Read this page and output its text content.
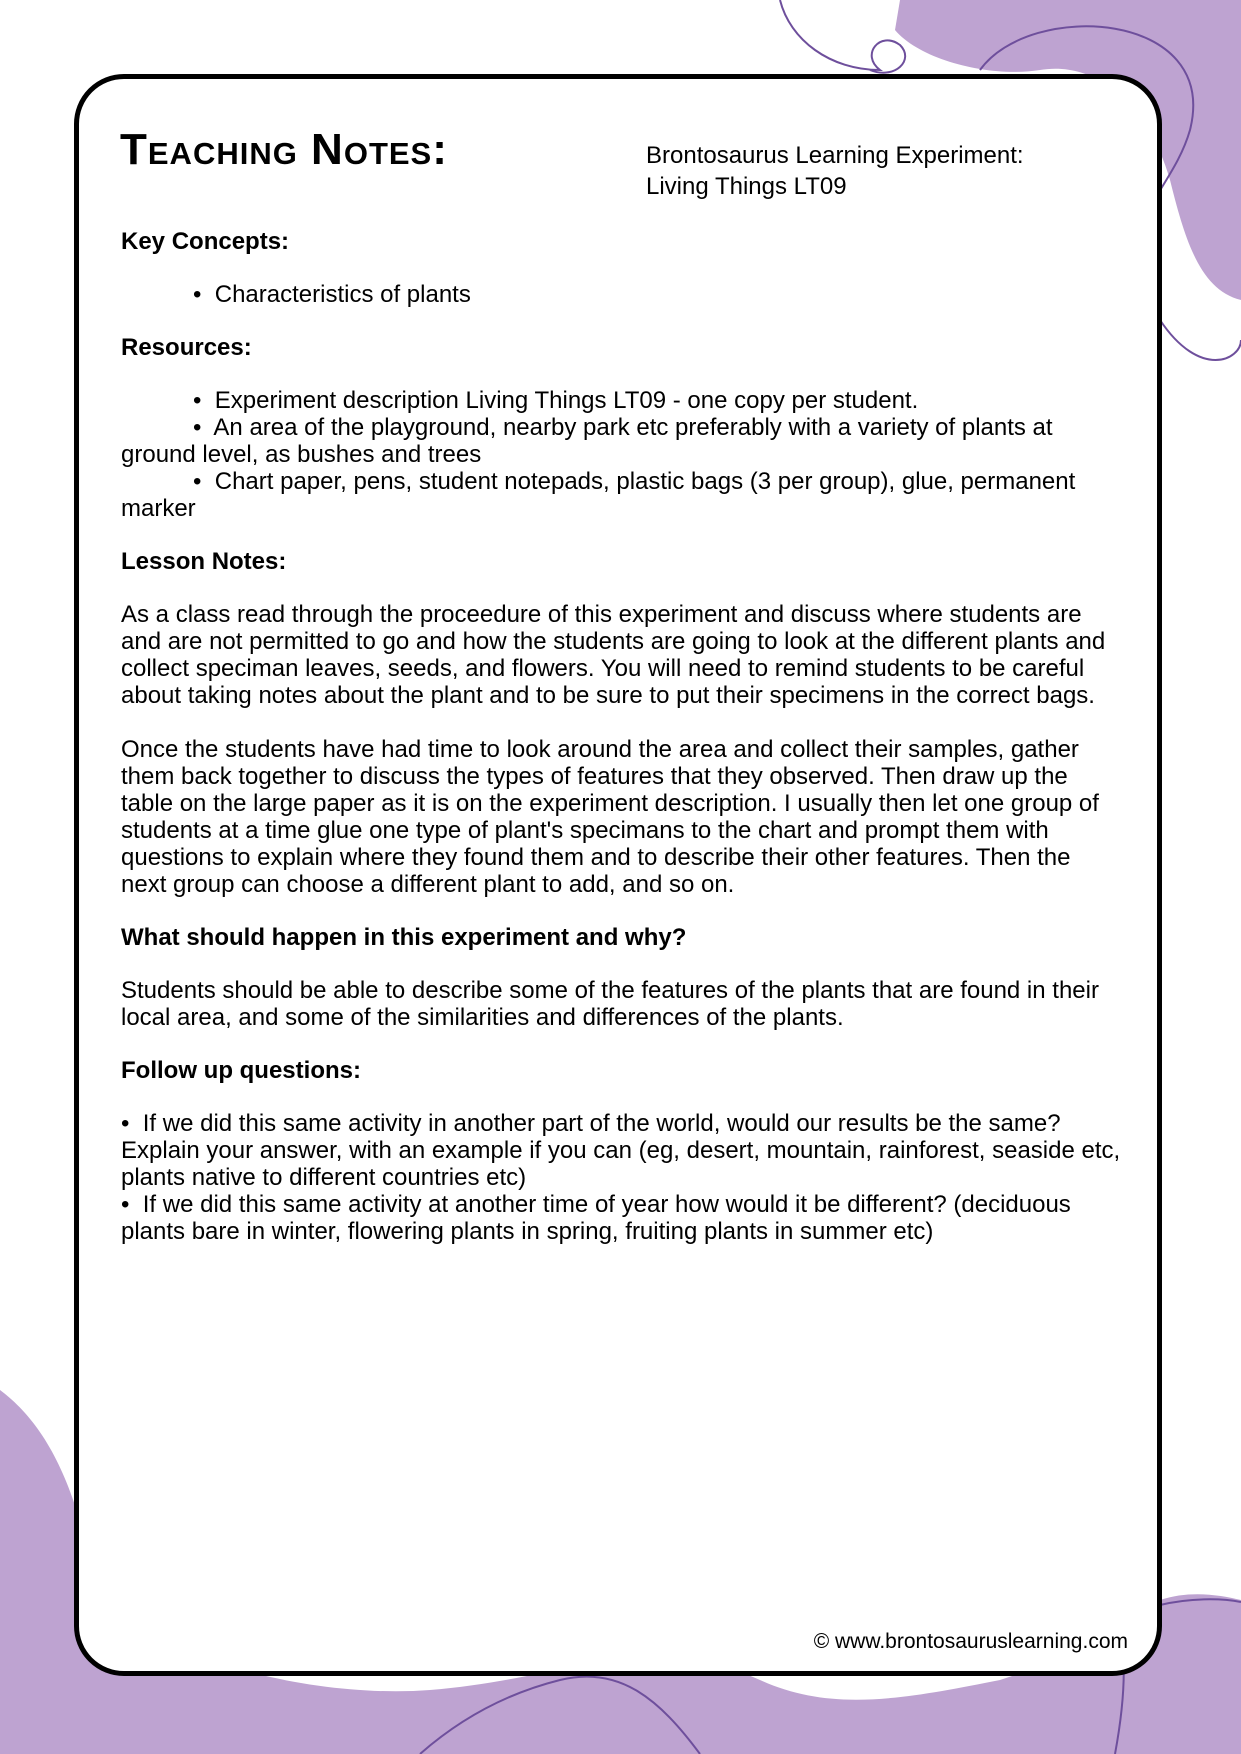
Teaching Notes:	Brontosaurus Learning Experiment:
Living Things LT09
Key Concepts:

•  Characteristics of plants

Resources:

•  Experiment description Living Things LT09 - one copy per student.

•  An area of the playground, nearby park etc preferably with a variety of plants at ground level, as bushes and trees

•  Chart paper, pens, student notepads, plastic bags (3 per group), glue, permanent marker

Lesson Notes:

As a class read through the proceedure of this experiment and discuss where students are and are not permitted to go and how the students are going to look at the different plants and collect speciman leaves, seeds, and flowers. You will need to remind students to be careful about taking notes about the plant and to be sure to put their specimens in the correct bags.

Once the students have had time to look around the area and collect their samples, gather them back together to discuss the types of features that they observed. Then draw up the table on the large paper as it is on the experiment description. I usually then let one group of students at a time glue one type of plant's specimans to the chart and prompt them with questions to explain where they found them and to describe their other features. Then the next group can choose a different plant to add, and so on.

What should happen in this experiment and why?

Students should be able to describe some of the features of the plants that are found in their local area, and some of the similarities and differences of the plants.

Follow up questions:

•  If we did this same activity in another part of the world, would our results be the same? Explain your answer, with an example if you can (eg, desert, mountain, rainforest, seaside etc, plants native to different countries etc)

•  If we did this same activity at another time of year how would it be different? (deciduous plants bare in winter, flowering plants in spring, fruiting plants in summer etc)

© www.brontosauruslearning.com
